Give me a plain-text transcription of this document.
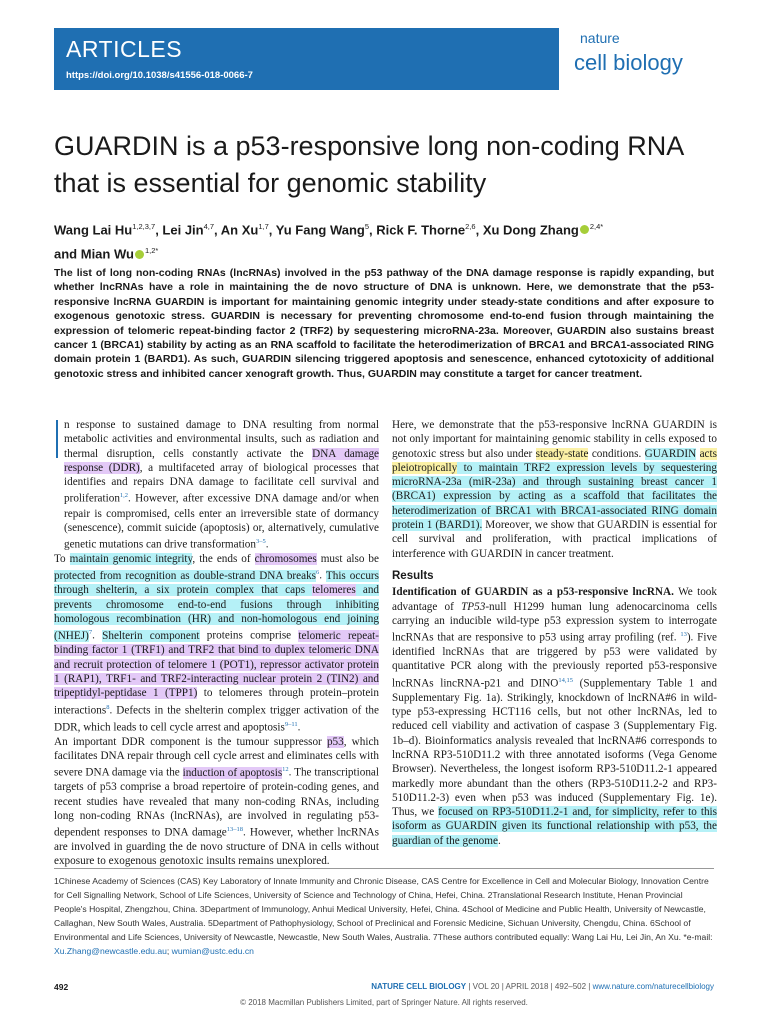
ARTICLES
https://doi.org/10.1038/s41556-018-0066-7
nature
cell biology
GUARDIN is a p53-responsive long non-coding RNA that is essential for genomic stability
Wang Lai Hu$^{1,2,3,7}$, Lei Jin$^{4,7}$, An Xu$^{1,7}$, Yu Fang Wang$^5$, Rick F. Thorne$^{2,6}$, Xu Dong Zhang $^{2,4*}$
and Mian Wu $^{1,2*}$

The list of long non-coding RNAs (lncRNAs) involved in the p53 pathway of the DNA damage response is rapidly expanding, but whether lncRNAs have a role in maintaining the de novo structure of DNA is unknown. Here, we demonstrate that the p53-responsive lncRNA GUARDIN is important for maintaining genomic integrity under steady-state conditions and after exposure to exogenous genotoxic stress. GUARDIN is necessary for preventing chromosome end-to-end fusion through maintaining the expression of telomeric repeat-binding factor 2 (TRF2) by sequestering microRNA-23a. Moreover, GUARDIN also sustains breast cancer 1 (BRCA1) stability by acting as an RNA scaffold to facilitate the heterodimerization of BRCA1 and BRCA1-associated RING domain protein 1 (BARD1). As such, GUARDIN silencing triggered apoptosis and senescence, enhanced cytotoxicity of additional genotoxic stress and inhibited cancer xenograft growth. Thus, GUARDIN may constitute a target for cancer treatment.

n response to sustained damage to DNA resulting from normal metabolic activities and environmental insults, such as radiation and thermal disruption, cells constantly activate the DNA damage response (DDR), a multifaceted array of biological processes that identifies and repairs DNA damage to facilitate cell survival and proliferation$^{1,2}$. However, after excessive DNA damage and/or when repair is compromised, cells enter an irreversible state of dormancy (senescence), commit suicide (apoptosis) or, alternatively, cumulative genetic mutations can drive transformation$^{3-5}$.

To maintain genomic integrity, the ends of chromosomes must also be protected from recognition as double-strand DNA breaks$^6$. This occurs through shelterin, a six protein complex that caps telomeres and prevents chromosome end-to-end fusions through inhibiting homologous recombination (HR) and non-homologous end joining (NHEJ)$^7$. Shelterin component proteins comprise telomeric repeat-binding factor 1 (TRF1) and TRF2 that bind to duplex telomeric DNA and recruit protection of telomere 1 (POT1), repressor activator protein 1 (RAP1), TRF1- and TRF2-interacting nuclear protein 2 (TIN2) and tripeptidyl-peptidase 1 (TPP1) to telomeres through protein–protein interactions$^8$. Defects in the shelterin complex trigger activation of the DDR, which leads to cell cycle arrest and apoptosis$^{9-11}$.

An important DDR component is the tumour suppressor p53, which facilitates DNA repair through cell cycle arrest and eliminates cells with severe DNA damage via the induction of apoptosis$^{12}$. The transcriptional targets of p53 comprise a broad repertoire of protein-coding genes, and recent studies have revealed that many non-coding RNAs, including long non-coding RNAs (lncRNAs), are involved in regulating p53-dependent responses to DNA damage$^{13-18}$. However, whether lncRNAs are involved in guarding the de novo structure of DNA in cells without exposure to exogenous genotoxic insults remains unexplored.

Here, we demonstrate that the p53-responsive lncRNA GUARDIN is not only important for maintaining genomic stability in cells exposed to genotoxic stress but also under steady-state conditions. GUARDIN acts pleiotropically to maintain TRF2 expression levels by sequestering microRNA-23a (miR-23a) and through sustaining breast cancer 1 (BRCA1) expression by acting as a scaffold that facilitates the heterodimerization of BRCA1 with BRCA1-associated RING domain protein 1 (BARD1). Moreover, we show that GUARDIN is essential for cell survival and proliferation, with practical implications of interference with GUARDIN in cancer treatment.

Results

Identification of GUARDIN as a p53-responsive lncRNA. We took advantage of TP53-null H1299 human lung adenocarcinoma cells carrying an inducible wild-type p53 expression system to interrogate lncRNAs that are responsive to p53 using array profiling (ref. $^{13}$). Five identified lncRNAs that are triggered by p53 were validated by quantitative PCR along with the previously reported p53-responsive lncRNAs lincRNA-p21 and DINO$^{14,15}$ (Supplementary Table 1 and Supplementary Fig. 1a). Strikingly, knockdown of lncRNA#6 in wild-type p53-expressing HCT116 cells, but not other lncRNAs, led to reduced cell viability and activation of caspase 3 (Supplementary Fig. 1b–d). Bioinformatics analysis revealed that lncRNA#6 corresponds to lncRNA RP3-510D11.2 with three annotated isoforms (Vega Genome Browser). Nevertheless, the longest isoform RP3-510D11.2-1 appeared markedly more abundant than the others (RP3-510D11.2-2 and RP3-510D11.2-3) even when p53 was induced (Supplementary Fig. 1e). Thus, we focused on RP3-510D11.2-1 and, for simplicity, refer to this isoform as GUARDIN given its functional relationship with p53, the guardian of the genome.

1Chinese Academy of Sciences (CAS) Key Laboratory of Innate Immunity and Chronic Disease, CAS Centre for Excellence in Cell and Molecular Biology, Innovation Centre for Cell Signalling Network, School of Life Sciences, University of Science and Technology of China, Hefei, China. 2Translational Research Institute, Henan Provincial People's Hospital, Zhengzhou, China. 3Department of Immunology, Anhui Medical University, Hefei, China. 4School of Medicine and Public Health, University of Newcastle, Callaghan, New South Wales, Australia. 5Department of Pathophysiology, School of Preclinical and Forensic Medicine, Sichuan University, Chengdu, China. 6School of Environmental and Life Sciences, University of Newcastle, Newcastle, New South Wales, Australia. 7These authors contributed equally: Wang Lai Hu, Lei Jin, An Xu. *e-mail: Xu.Zhang@newcastle.edu.au; wumian@ustc.edu.cn
492	NATURE CELL BIOLOGY | VOL 20 | APRIL 2018 | 492–502 | www.nature.com/naturecellbiology
© 2018 Macmillan Publishers Limited, part of Springer Nature. All rights reserved.
